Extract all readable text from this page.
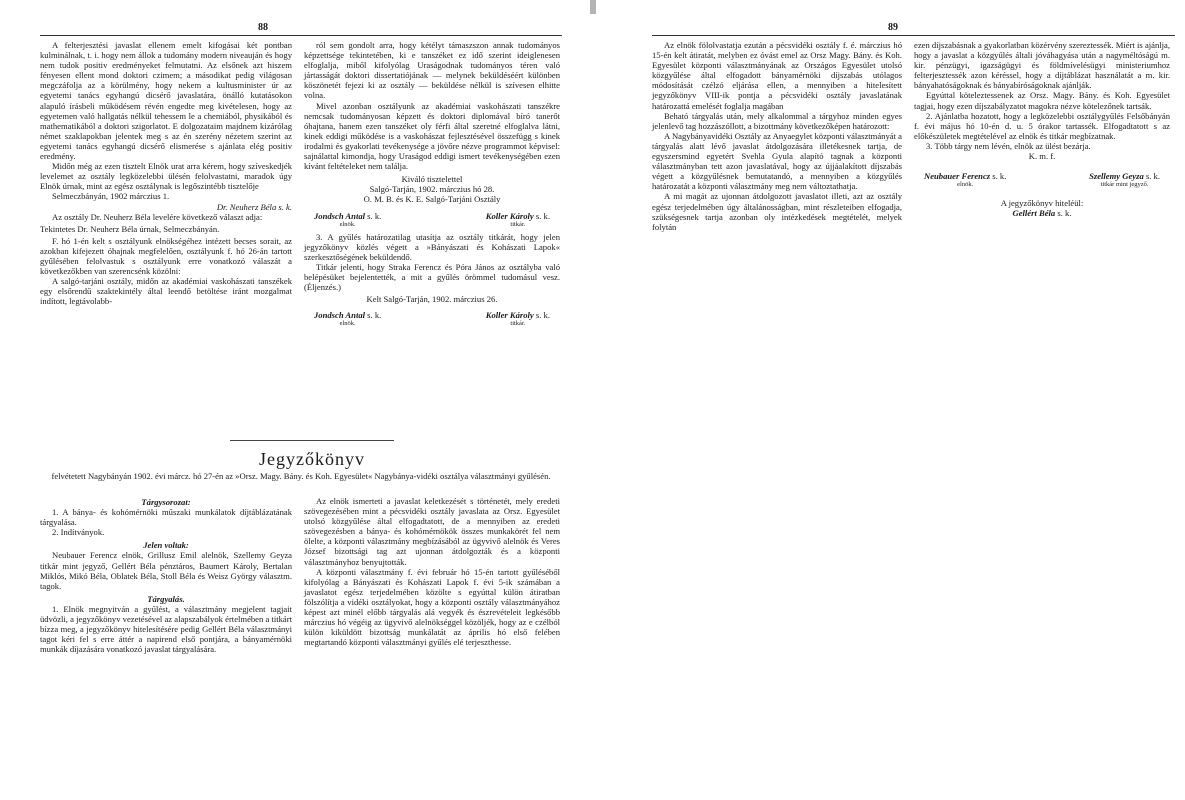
88

A felterjesztési javaslat ellenem emelt kifogásai két pontban kulminálnak, t. i. hogy nem állok a tudomány modern niveauján és hogy nem tudok positiv eredményeket felmutatni. Az elsőnek azt hiszem fényesen ellent mond doktori czimem; a másodikat pedig világosan megczáfolja az a körülmény, hogy nekem a kultusminister úr az egyetemi tanács egyhangú dicsérő javaslatára, önálló kutatásokon alapuló írásbeli működésem révén engedte meg kivételesen, hogy az egyetemen való hallgatás nélkül tehessem le a chemiából, physikából és mathematikából a doktori szigorlatot. E dolgozataim majdnem kizárólag német szaklapokban jelentek meg s az én szerény nézetem szerint az egyetemi tanács egyhangú dicsérő elismerése s ajánlata elég positiv eredmény.

Midőn még az ezen tisztelt Elnök urat arra kérem, hogy szíveskedjék levelemet az osztály legközelebbi ülésén felolvastatni, maradok úgy Elnök úrnak, mint az egész osztálynak is legőszintébb tisztelője

Selmeczbányán, 1902 márczius 1.

Dr. Neuherz Béla s. k.

Az osztály Dr. Neuherz Béla levelére következő választ adja:

Tekintetes Dr. Neuherz Béla úrnak, Selmeczbányán.

F. hó 1-én kelt s osztályunk elnökségéhez intézett becses sorait, az azokban kifejezett óhajnak megfelelően, osztályunk f. hó 26-án tartott gyűlésében felolvastuk s osztályunk erre vonatkozó válaszát a következőkben van szerencsénk közölni:

A salgó-tarjáni osztály, midőn az akadémiai vaskohászati tanszékek egy elsőrendű szaktekintély által leendő betöltése iránt mozgalmat indított, legtávolabb-

ról sem gondolt arra, hogy kétélyt támaszszon annak tudományos képzettsége tekintetében, ki e tanszéket ez idő szerint ideiglenesen elfoglalja, miből kifolyólag Uraságodnak tudományos téren való jártasságát doktori dissertatiójának — melynek beküldéséért különben köszönetét fejezi ki az osztály — beküldése nélkül is szívesen elhitte volna.

Mivel azonban osztályunk az akadémiai vaskohászati tanszékre nemcsak tudományosan képzett és doktori diplomával bíró tanerőt óhajtana, hanem ezen tanszéket oly férfi által szeretné elfoglalva látni, kinek eddigi működése is a vaskohászat fejlesztésével összefügg s kinek irodalmi és gyakorlati tevékenysége a jövőre nézve programmot képvisel: sajnálattal kimondja, hogy Uraságod eddigi ismert tevékenységében ezen kívánt feltételeket nem találja.

Kiváló tisztelettel

Salgó-Tarján, 1902. márczius hó 28.

O. M. B. és K. E. Salgó-Tarjáni Osztály

Jondsch Antal s. k.
elnök.
Koller Károly s. k.
titkár.

3. A gyűlés határozatilag utasítja az osztály titkárát, hogy jelen jegyzőkönyv közlés végett a »Bányászati és Kohászati Lapok« szerkesztőségének beküldendő.

Titkár jelenti, hogy Straka Ferencz és Póra János az osztályba való belépésüket bejelentették, a mit a gyűlés örömmel tudomásul vesz. (Éljenzés.)

Kelt Salgó-Tarján, 1902. márczius 26.

Jondsch Antal s. k.
elnök.
Koller Károly s. k.
titkár.
Jegyzőkönyv
felvétetett Nagybányán 1902. évi márcz. hó 27-én az »Orsz. Magy. Bány. és Koh. Egyesület« Nagybánya-vidéki osztálya választmányi gyűlésén.

Tárgysorozat:

1. A bánya- és kohómérnöki műszaki munkálatok díjtáblázatának tárgyalása.

2. Indítványok.

Jelen voltak:

Neubauer Ferencz elnök, Grillusz Emil alelnök, Szellemy Geyza titkár mint jegyző, Gellért Béla pénztáros, Baumert Károly, Bertalan Miklós, Mikó Béla, Oblatek Béla, Stoll Béla és Weisz György választm. tagok.

Tárgyalás.

1. Elnök megnyitván a gyűlést, a választmány megjelent tagjait üdvözli, a jegyzőkönyv vezetésével az alapszabályok értelmében a titkárt bízza meg, a jegyzőkönyv hitelesítésére pedig Gellért Béla választmányi tagot kéri fel s erre áttér a napirend első pontjára, a bányamérnöki munkák díjazására vonatkozó javaslat tárgyalására.

Az elnök ismerteti a javaslat keletkezését s történetét, mely eredeti szövegezésében mint a pécsvidéki osztály javaslata az Orsz. Egyesület utolsó közgyűlése által elfogadtatott, de a mennyiben az eredeti szövegezésben a bánya- és kohómérnökök összes munkakörét fel nem ölelte, a központi választmány megbízásából az ügyvivő alelnök és Veres József bizottsági tag azt ujonnan átdolgozták és a központi választmányhoz benyujtották.

A központi választmány f. évi február hó 15-én tartott gyűléséből kifolyólag a Bányászati és Kohászati Lapok f. évi 5-ik számában a javaslatot egész terjedelmében közölte s egyúttal külön átiratban fölszólítja a vidéki osztályokat, hogy a központi osztály választmányához képest azt minél előbb tárgyalás alá vegyék és észrevételeit legkésőbb márczius hó végéig az ügyvivő alelnökséggel közöljék, hogy az e czélból külön kiküldött bizottság munkálatát az április hó első felében megtartandó központi választmányi gyűlés elé terjeszthesse.

89

Az elnök fölolvastatja ezután a pécsvidéki osztály f. é. márczius hó 15-én kelt átiratát, melyben ez óvást emel az Orsz Magy. Bány. és Koh. Egyesület központi választmányának az Országos Egyesület utolsó közgyűlése által elfogadott bányamérnöki díjszabás utólagos módosítását czélzó eljárása ellen, a mennyiben a hitelesített jegyzőkönyv VIII-ik pontja a pécsvidéki osztály javaslatának határozattá emelését foglalja magában

Beható tárgyalás után, mely alkalommal a tárgyhoz minden egyes jelenlevő tag hozzászóllott, a bizottmány következőképen határozott:

A Nagybányavidéki Osztály az Anyaegylet központi választmányát a tárgyalás alatt lévő javaslat átdolgozására illetékesnek tartja, de egyszersmind egyetért Svehla Gyula alapító tagnak a központi választmányban tett azon javaslatával, hogy az újjáalakított díjszabás végett a közgyűlésnek bemutatandó, a mennyiben a közgyűlés határozatát a központi választmány meg nem változtathatja.

A mi magát az ujonnan átdolgozott javaslatot illeti, azt az osztály egész terjedelmében úgy általánosságban, mint részleteiben elfogadja, szükségesnek tartja azonban oly intézkedések megtételét, melyek folytán

ezen díjszabásnak a gyakorlatban közérvény szereztessék. Miért is ajánlja, hogy a javaslat a közgyűlés általi jóváhagyása után a nagyméltóságú m. kir. pénzügyi, igazságügyi és földmívelésügyi ministeriumhoz felterjesztessék azon kéréssel, hogy a díjtáblázat használatát a m. kir. bányahatóságoknak és bányabíróságoknak ajánlják.

Egyúttal köteleztessenek az Orsz. Magy. Bány. és Koh. Egyesület tagjai, hogy ezen díjszabályzatot magokra nézve kötelezőnek tartsák.

2. Ajánlatba hozatott, hogy a legközelebbi osztálygyűlés Felsőbányán f. évi május hó 10-én d. u. 5 órakor tartassék. Elfogadtatott s az előkészületek megtételével az elnök és titkár megbízatnak.

3. Több tárgy nem lévén, elnök az ülést bezárja.

K. m. f.

Neubauer Ferencz s. k.
elnök.
Szellemy Geyza s. k.
titkár mint jegyző.

A jegyzőkönyv hiteléül:

Gellért Béla s. k.
